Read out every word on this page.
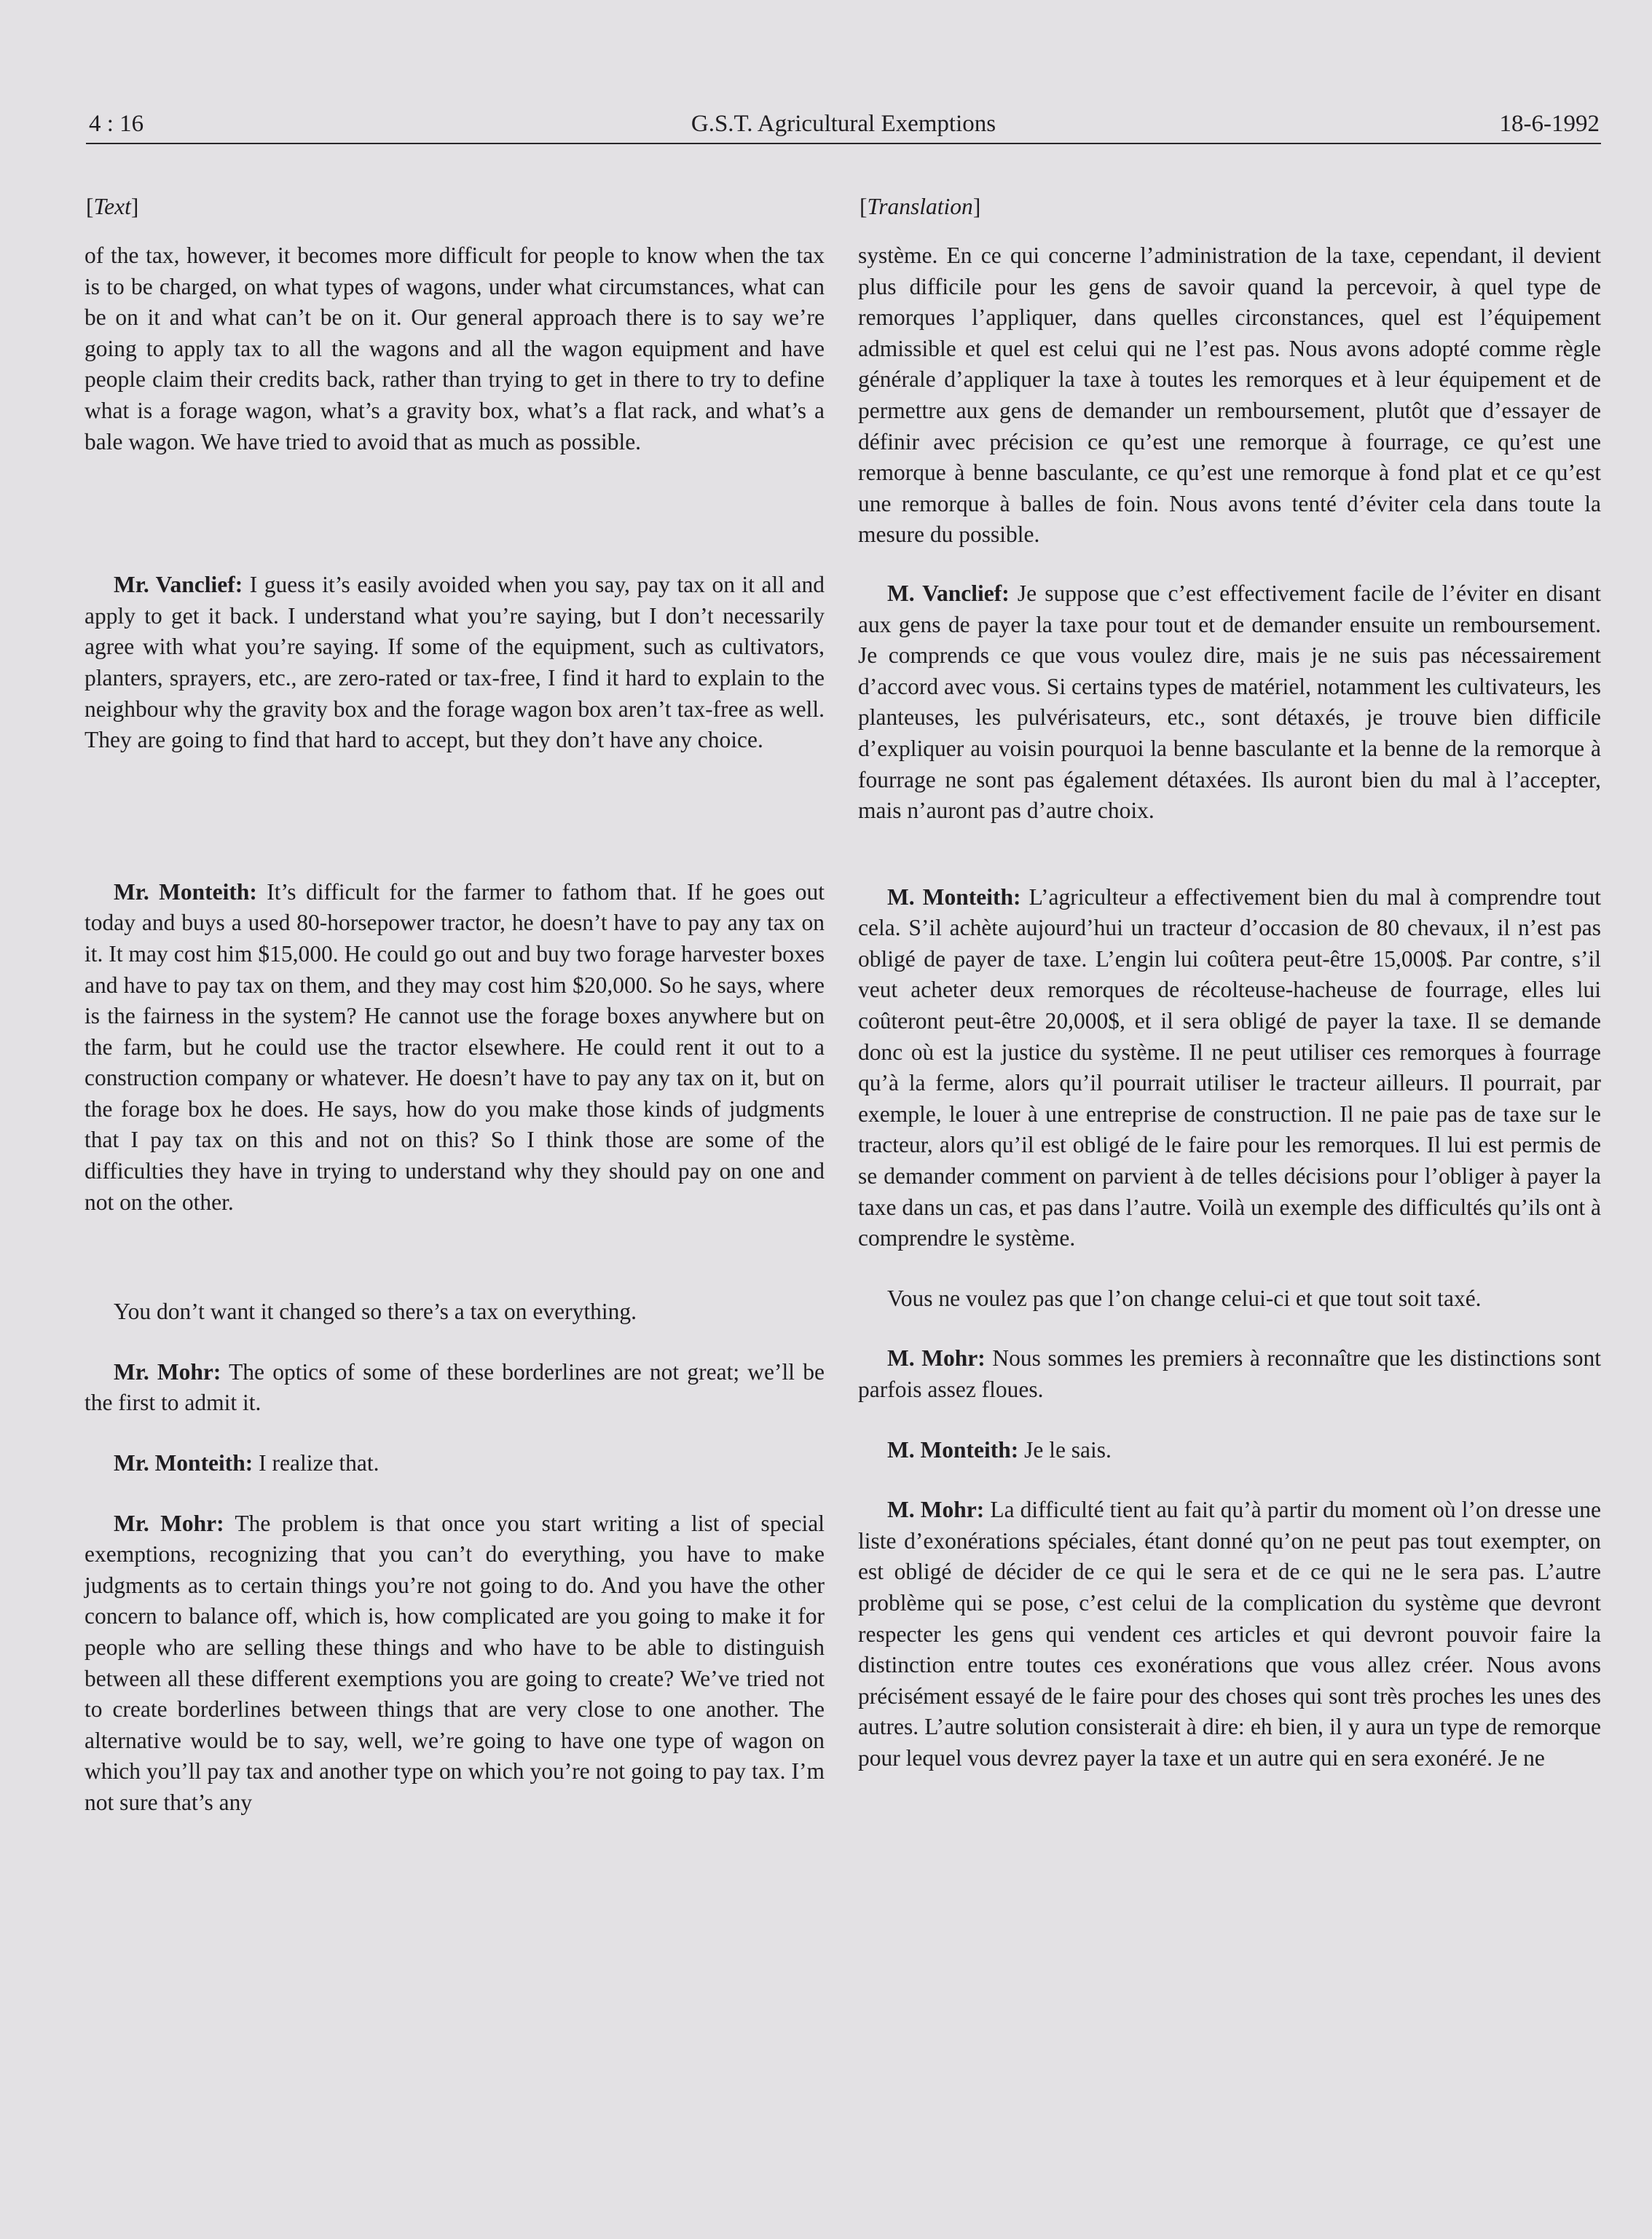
4 : 16	G.S.T. Agricultural Exemptions	18-6-1992
[Text]

of the tax, however, it becomes more difficult for people to know when the tax is to be charged, on what types of wagons, under what circumstances, what can be on it and what can’t be on it. Our general approach there is to say we’re going to apply tax to all the wagons and all the wagon equipment and have people claim their credits back, rather than trying to get in there to try to define what is a forage wagon, what’s a gravity box, what’s a flat rack, and what’s a bale wagon. We have tried to avoid that as much as possible.

Mr. Vanclief: I guess it’s easily avoided when you say, pay tax on it all and apply to get it back. I understand what you’re saying, but I don’t necessarily agree with what you’re saying. If some of the equipment, such as cultivators, planters, sprayers, etc., are zero-rated or tax-free, I find it hard to explain to the neighbour why the gravity box and the forage wagon box aren’t tax-free as well. They are going to find that hard to accept, but they don’t have any choice.

Mr. Monteith: It’s difficult for the farmer to fathom that. If he goes out today and buys a used 80-horsepower tractor, he doesn’t have to pay any tax on it. It may cost him $15,000. He could go out and buy two forage harvester boxes and have to pay tax on them, and they may cost him $20,000. So he says, where is the fairness in the system? He cannot use the forage boxes anywhere but on the farm, but he could use the tractor elsewhere. He could rent it out to a construction company or whatever. He doesn’t have to pay any tax on it, but on the forage box he does. He says, how do you make those kinds of judgments that I pay tax on this and not on this? So I think those are some of the difficulties they have in trying to understand why they should pay on one and not on the other.

You don’t want it changed so there’s a tax on everything.

Mr. Mohr: The optics of some of these borderlines are not great; we’ll be the first to admit it.

Mr. Monteith: I realize that.

Mr. Mohr: The problem is that once you start writing a list of special exemptions, recognizing that you can’t do everything, you have to make judgments as to certain things you’re not going to do. And you have the other concern to balance off, which is, how complicated are you going to make it for people who are selling these things and who have to be able to distinguish between all these different exemptions you are going to create? We’ve tried not to create borderlines between things that are very close to one another. The alternative would be to say, well, we’re going to have one type of wagon on which you’ll pay tax and another type on which you’re not going to pay tax. I’m not sure that’s any

[Translation]

système. En ce qui concerne l’administration de la taxe, cependant, il devient plus difficile pour les gens de savoir quand la percevoir, à quel type de remorques l’appliquer, dans quelles circonstances, quel est l’équipement admissible et quel est celui qui ne l’est pas. Nous avons adopté comme règle générale d’appliquer la taxe à toutes les remorques et à leur équipement et de permettre aux gens de demander un remboursement, plutôt que d’essayer de définir avec précision ce qu’est une remorque à fourrage, ce qu’est une remorque à benne basculante, ce qu’est une remorque à fond plat et ce qu’est une remorque à balles de foin. Nous avons tenté d’éviter cela dans toute la mesure du possible.

M. Vanclief: Je suppose que c’est effectivement facile de l’éviter en disant aux gens de payer la taxe pour tout et de demander ensuite un remboursement. Je comprends ce que vous voulez dire, mais je ne suis pas nécessairement d’accord avec vous. Si certains types de matériel, notamment les cultivateurs, les planteuses, les pulvérisateurs, etc., sont détaxés, je trouve bien difficile d’expliquer au voisin pourquoi la benne basculante et la benne de la remorque à fourrage ne sont pas également détaxées. Ils auront bien du mal à l’accepter, mais n’auront pas d’autre choix.

M. Monteith: L’agriculteur a effectivement bien du mal à comprendre tout cela. S’il achète aujourd’hui un tracteur d’occasion de 80 chevaux, il n’est pas obligé de payer de taxe. L’engin lui coûtera peut-être 15,000$. Par contre, s’il veut acheter deux remorques de récolteuse-hacheuse de fourrage, elles lui coûteront peut-être 20,000$, et il sera obligé de payer la taxe. Il se demande donc où est la justice du système. Il ne peut utiliser ces remorques à fourrage qu’à la ferme, alors qu’il pourrait utiliser le tracteur ailleurs. Il pourrait, par exemple, le louer à une entreprise de construction. Il ne paie pas de taxe sur le tracteur, alors qu’il est obligé de le faire pour les remorques. Il lui est permis de se demander comment on parvient à de telles décisions pour l’obliger à payer la taxe dans un cas, et pas dans l’autre. Voilà un exemple des difficultés qu’ils ont à comprendre le système.

Vous ne voulez pas que l’on change celui-ci et que tout soit taxé.

M. Mohr: Nous sommes les premiers à reconnaître que les distinctions sont parfois assez floues.

M. Monteith: Je le sais.

M. Mohr: La difficulté tient au fait qu’à partir du moment où l’on dresse une liste d’exonérations spéciales, étant donné qu’on ne peut pas tout exempter, on est obligé de décider de ce qui le sera et de ce qui ne le sera pas. L’autre problème qui se pose, c’est celui de la complication du système que devront respecter les gens qui vendent ces articles et qui devront pouvoir faire la distinction entre toutes ces exonérations que vous allez créer. Nous avons précisément essayé de le faire pour des choses qui sont très proches les unes des autres. L’autre solution consisterait à dire: eh bien, il y aura un type de remorque pour lequel vous devrez payer la taxe et un autre qui en sera exonéré. Je ne
